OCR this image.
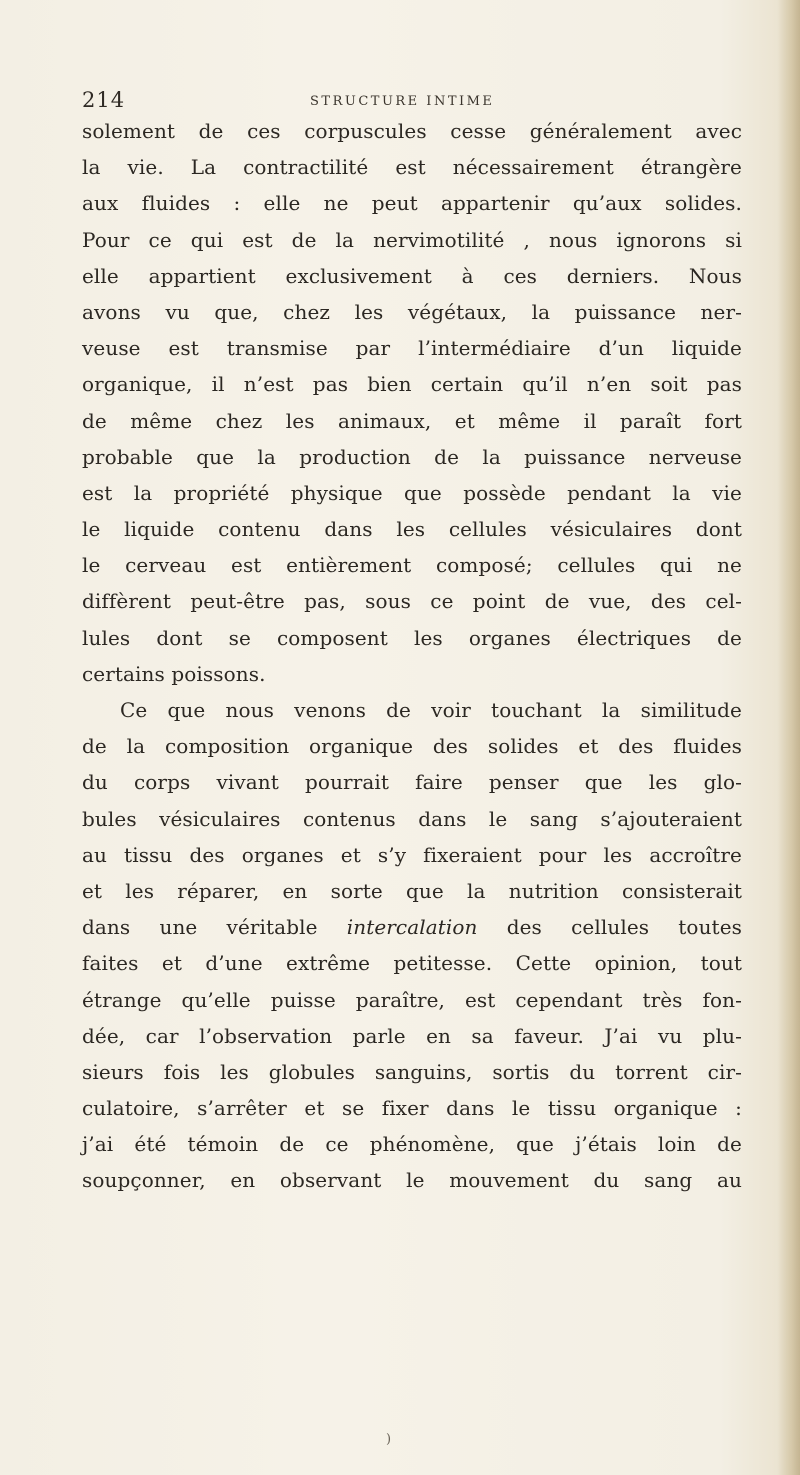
214	STRUCTURE INTIME
solement de ces corpuscules cesse généralement avec
la vie. La contractilité est nécessairement étrangère
aux fluides : elle ne peut appartenir qu’aux solides.
Pour ce qui est de la nervimotilité , nous ignorons si
elle appartient exclusivement à ces derniers. Nous
avons vu que, chez les végétaux, la puissance ner-
veuse est transmise par l’intermédiaire d’un liquide
organique, il n’est pas bien certain qu’il n’en soit pas
de même chez les animaux, et même il paraît fort
probable que la production de la puissance nerveuse
est la propriété physique que possède pendant la vie
le liquide contenu dans les cellules vésiculaires dont
le cerveau est entièrement composé; cellules qui ne
diffèrent peut-être pas, sous ce point de vue, des cel-
lules dont se composent les organes électriques de
certains poissons.
Ce que nous venons de voir touchant la similitude
de la composition organique des solides et des fluides
du corps vivant pourrait faire penser que les glo-
bules vésiculaires contenus dans le sang s’ajouteraient
au tissu des organes et s’y fixeraient pour les accroître
et les réparer, en sorte que la nutrition consisterait
dans une véritable intercalation des cellules toutes
faites et d’une extrême petitesse. Cette opinion, tout
étrange qu’elle puisse paraître, est cependant très fon-
dée, car l’observation parle en sa faveur. J’ai vu plu-
sieurs fois les globules sanguins, sortis du torrent cir-
culatoire, s’arrêter et se fixer dans le tissu organique :
j’ai été témoin de ce phénomène, que j’étais loin de
soupçonner, en observant le mouvement du sang au
)
